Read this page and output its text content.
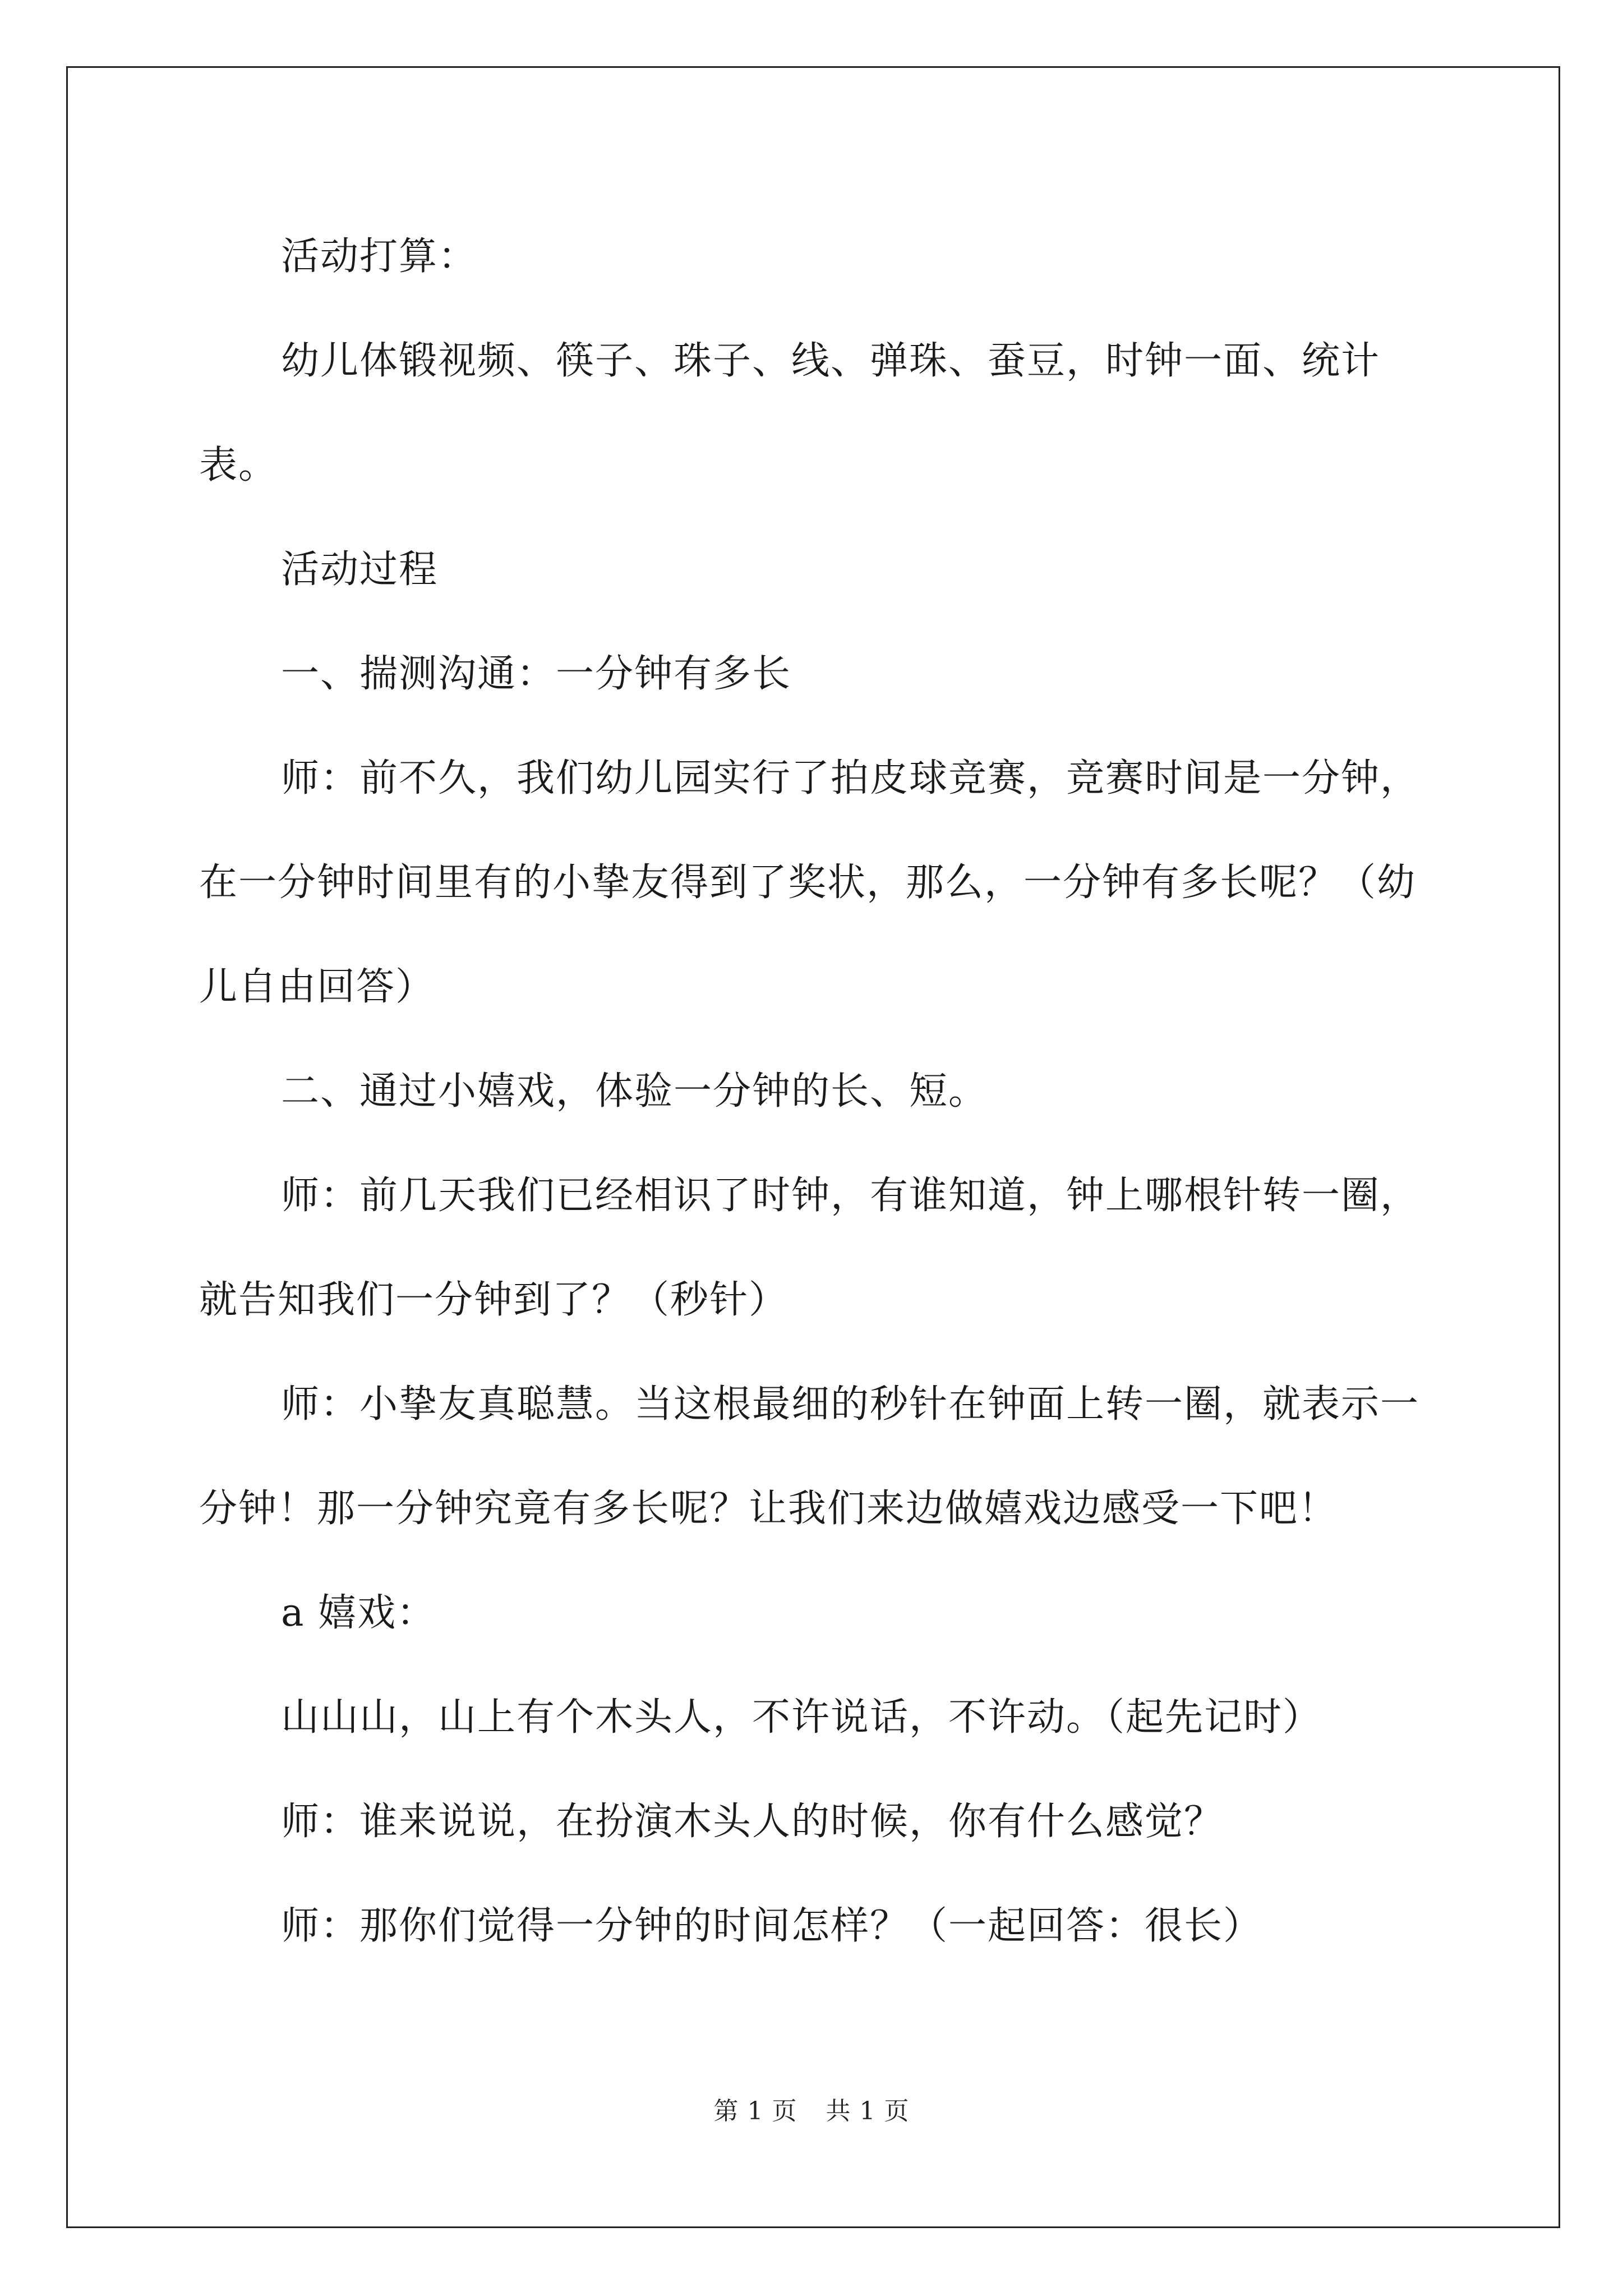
活动打算：

幼儿体锻视频、筷子、珠子、线、弹珠、蚕豆，时钟一面、统计表。

活动过程

一、揣测沟通：一分钟有多长

师：前不久，我们幼儿园实行了拍皮球竞赛，竞赛时间是一分钟，在一分钟时间里有的小挚友得到了奖状，那么，一分钟有多长呢？（幼儿自由回答）

二、通过小嬉戏，体验一分钟的长、短。

师：前几天我们已经相识了时钟，有谁知道，钟上哪根针转一圈，就告知我们一分钟到了？（秒针）

师：小挚友真聪慧。当这根最细的秒针在钟面上转一圈，就表示一分钟！那一分钟究竟有多长呢？让我们来边做嬉戏边感受一下吧！

a 嬉戏：

山山山，山上有个木头人，不许说话，不许动。（起先记时）

师：谁来说说，在扮演木头人的时候，你有什么感觉？

师：那你们觉得一分钟的时间怎样？（一起回答：很长）

第 1 页 共 1 页
